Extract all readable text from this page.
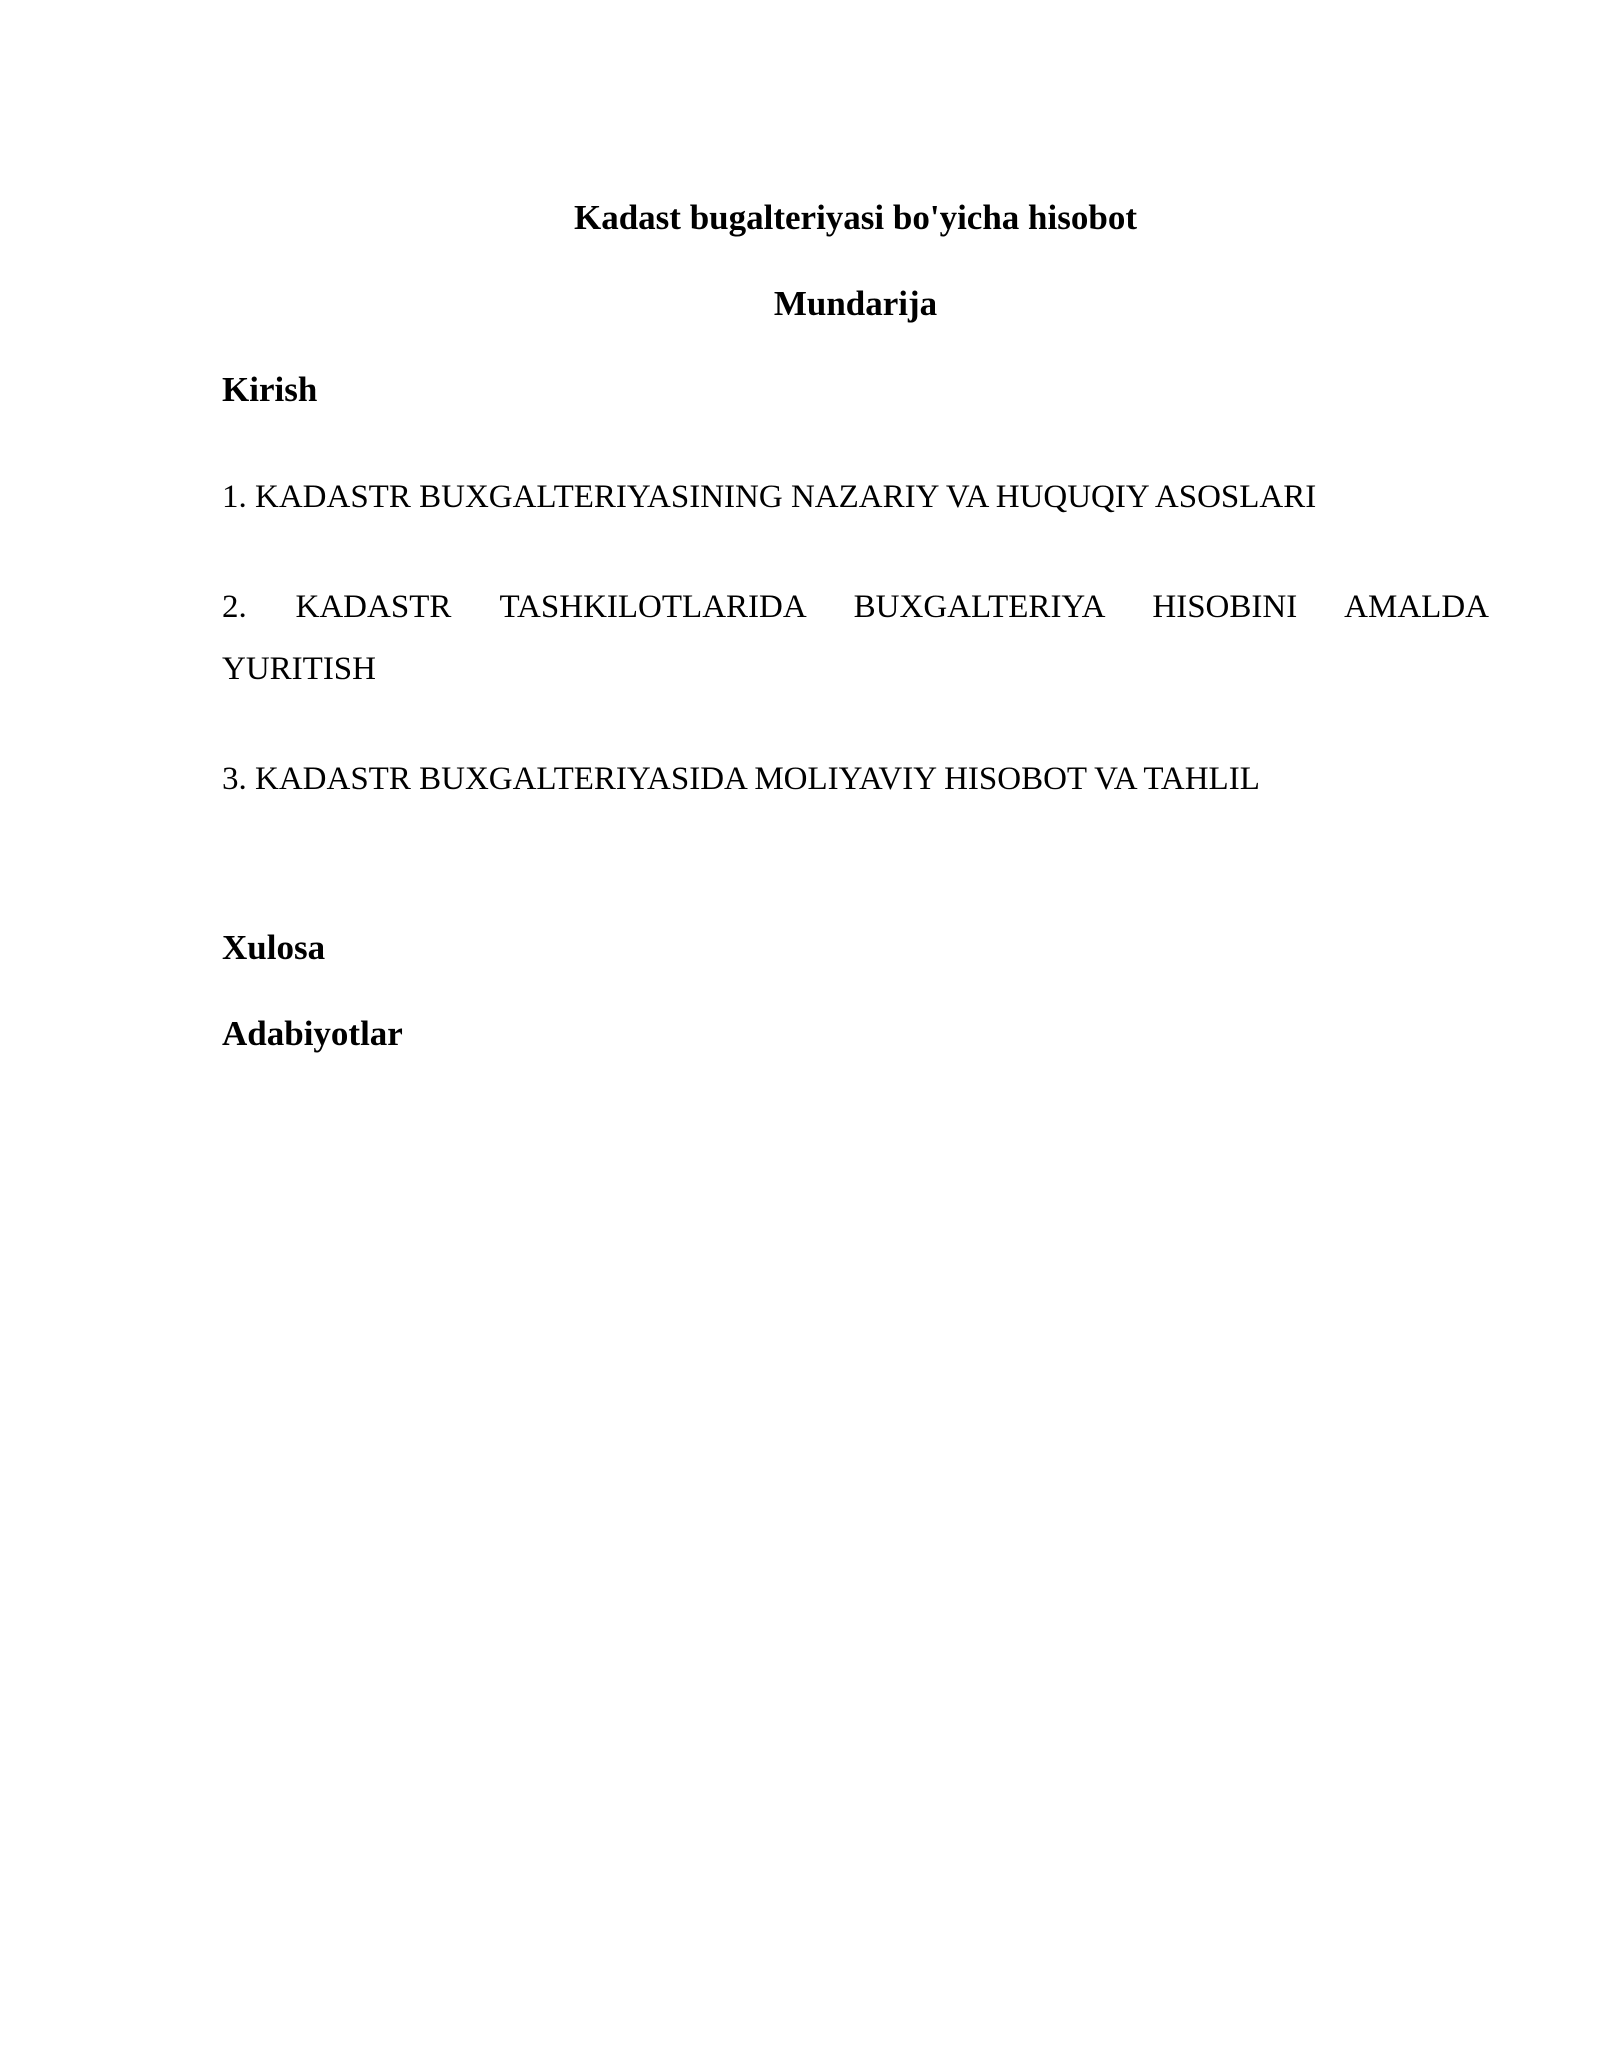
Kadast bugalteriyasi bo'yicha hisobot

Mundarija

Kirish

1. KADASTR BUXGALTERIYASINING NAZARIY VA HUQUQIY ASOSLARI

2. KADASTR TASHKILOTLARIDA BUXGALTERIYA HISOBINI AMALDA YURITISH

3. KADASTR BUXGALTERIYASIDA MOLIYAVIY HISOBOT VA TAHLIL

Xulosa

Adabiyotlar
